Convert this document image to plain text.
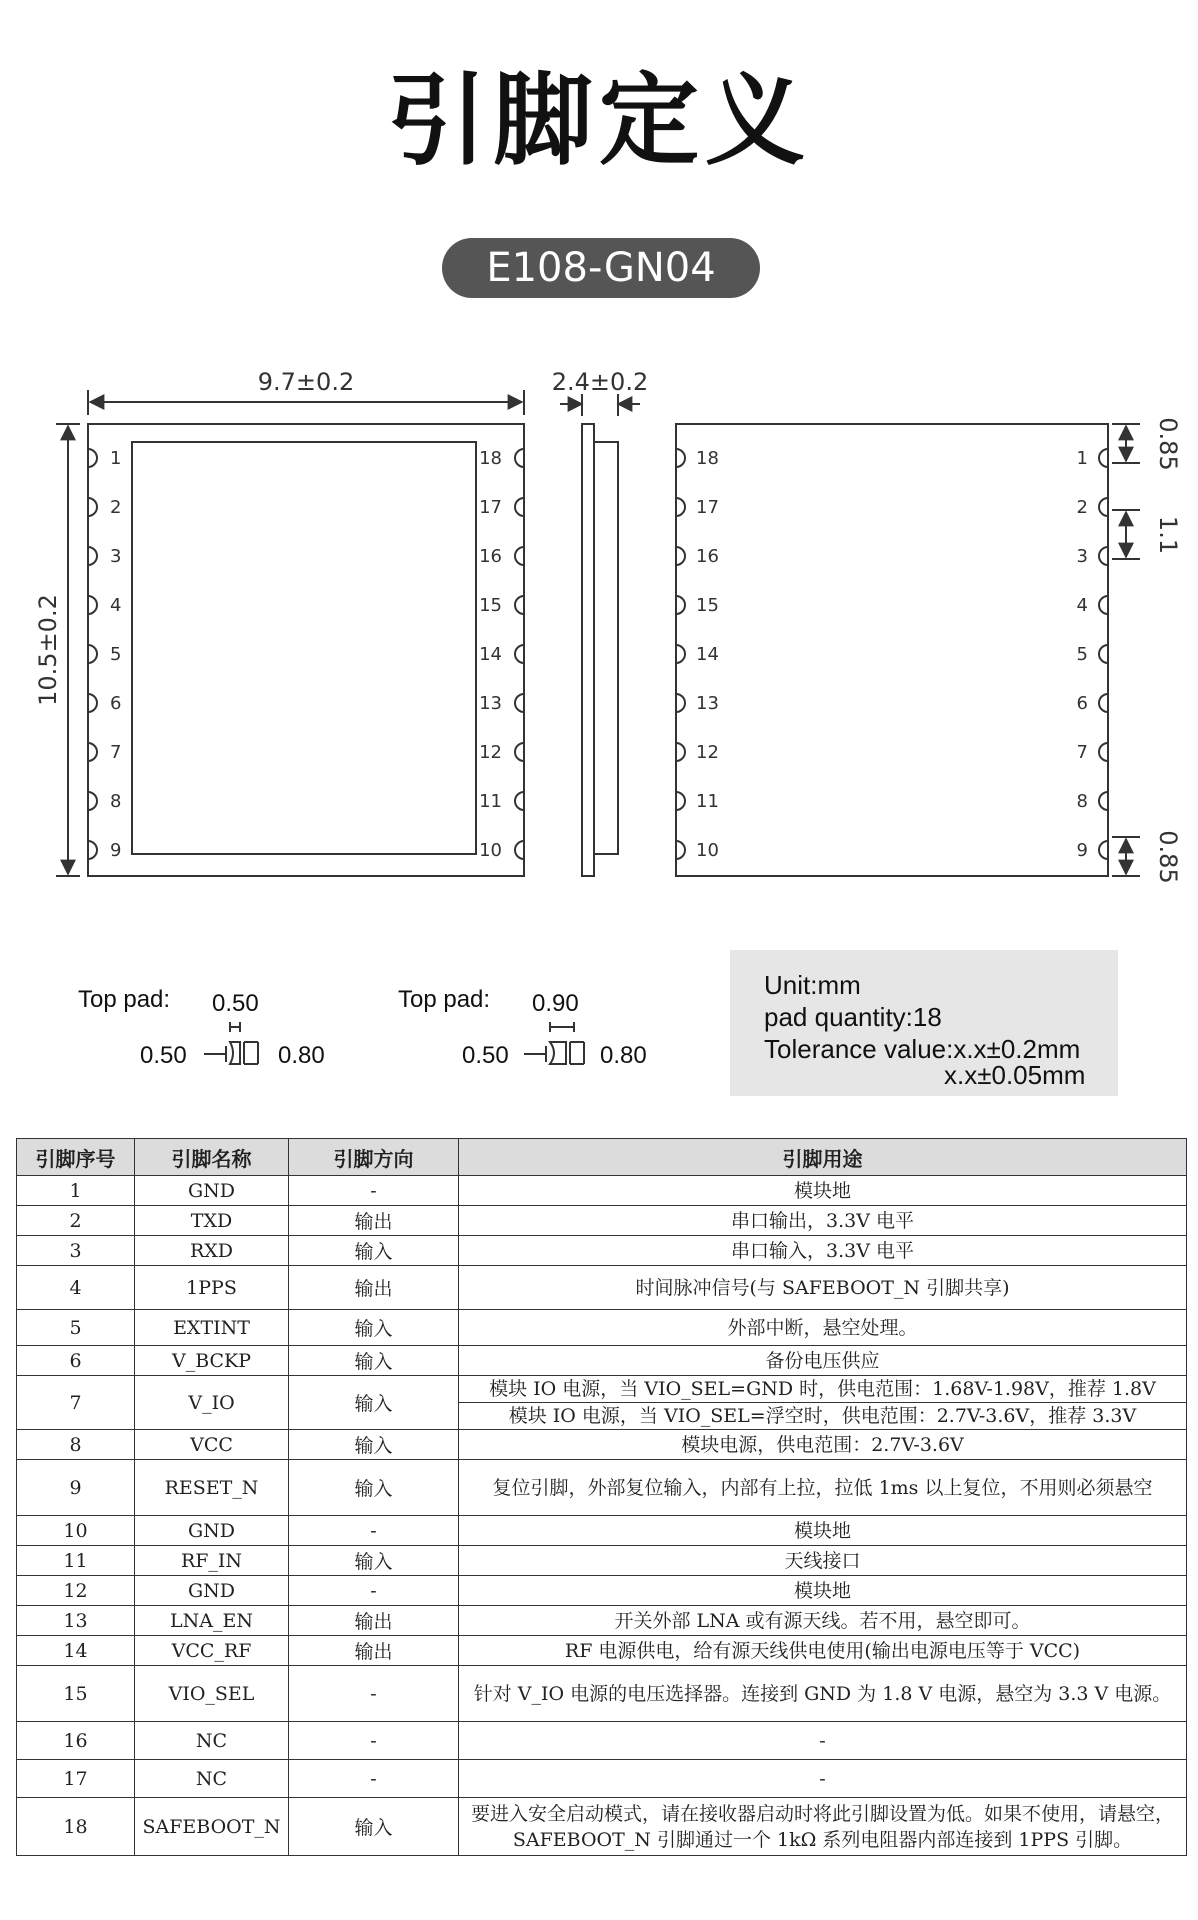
引脚定义
E108-GN04
9.7±0.2
10.5±0.2
2.4±0.2
0.85
1.1
0.85
1	18	18	1
2	17	17	2
3	16	16	3
4	15	15	4
5	14	14	5
6	13	13	6
7	12	12	7
8	11	11	8
9	10	10	9
Top pad: 0.50
0.50	0.80
Top pad: 0.90
0.50	0.80
Unit:mm
pad quantity:18
Tolerance value:x.x±0.2mm
x.x±0.05mm
引脚序号	引脚名称	引脚方向	引脚用途
1	GND	-	模块地
2	TXD	输出	串口输出，3.3V 电平
3	RXD	输入	串口输入，3.3V 电平
4	1PPS	输出	时间脉冲信号(与 SAFEBOOT_N 引脚共享)
5	EXTINT	输入	外部中断，悬空处理。
6	V_BCKP	输入	备份电压供应
7	V_IO	输入	模块 IO 电源，当 VIO_SEL=GND 时，供电范围：1.68V-1.98V，推荐 1.8V
			模块 IO 电源，当 VIO_SEL=浮空时，供电范围：2.7V-3.6V，推荐 3.3V
8	VCC	输入	模块电源，供电范围：2.7V-3.6V
9	RESET_N	输入	复位引脚，外部复位输入，内部有上拉，拉低 1ms 以上复位，不用则必须悬空
10	GND	-	模块地
11	RF_IN	输入	天线接口
12	GND	-	模块地
13	LNA_EN	输出	开关外部 LNA 或有源天线。若不用，悬空即可。
14	VCC_RF	输出	RF 电源供电，给有源天线供电使用(输出电源电压等于 VCC)
15	VIO_SEL	-	针对 V_IO 电源的电压选择器。连接到 GND 为 1.8 V 电源，悬空为 3.3 V 电源。
16	NC	-	-
17	NC	-	-
18	SAFEBOOT_N	输入	要进入安全启动模式，请在接收器启动时将此引脚设置为低。如果不使用，请悬空，SAFEBOOT_N 引脚通过一个 1kΩ 系列电阻器内部连接到 1PPS 引脚。
